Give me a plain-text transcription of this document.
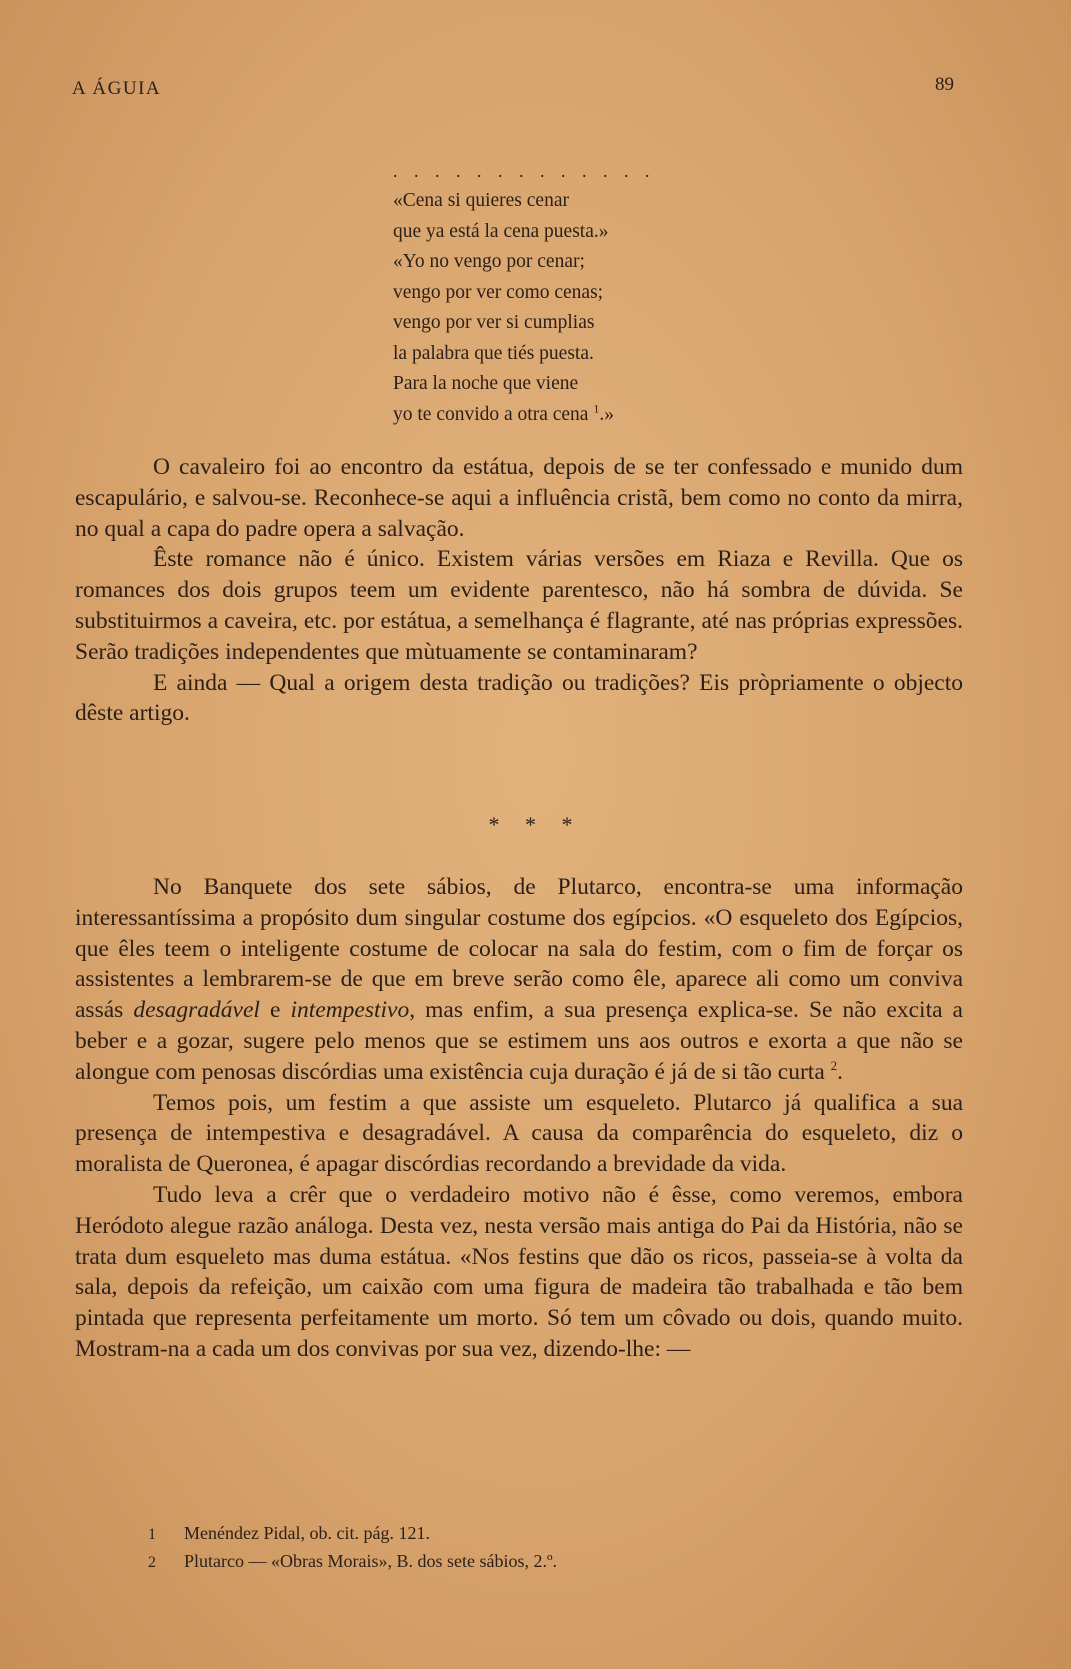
A ÁGUIA	89
. . . . . . . . . . . . .
«Cena si quieres cenar
que ya está la cena puesta.»
«Yo no vengo por cenar;
vengo por ver como cenas;
vengo por ver si cumplias
la palabra que tiés puesta.
Para la noche que viene
yo te convido a otra cena $^1$.»

O cavaleiro foi ao encontro da estátua, depois de se ter confessado e munido dum escapulário, e salvou-se. Reconhece-se aqui a influência cristã, bem como no conto da mirra, no qual a capa do padre opera a salvação.

Êste romance não é único. Existem várias versões em Riaza e Revilla. Que os romances dos dois grupos teem um evidente parentesco, não há sombra de dúvida. Se substituirmos a caveira, etc. por estátua, a semelhança é flagrante, até nas próprias expressões. Serão tradições independentes que mùtuamente se contaminaram?

E ainda — Qual a origem desta tradição ou tradições? Eis pròpriamente o objecto dêste artigo.

* * *

No Banquete dos sete sábios, de Plutarco, encontra-se uma informação interessantíssima a propósito dum singular costume dos egípcios. «O esqueleto dos Egípcios, que êles teem o inteligente costume de colocar na sala do festim, com o fim de forçar os assistentes a lembrarem-se de que em breve serão como êle, aparece ali como um conviva assás desagradável e intempestivo, mas enfim, a sua presença explica-se. Se não excita a beber e a gozar, sugere pelo menos que se estimem uns aos outros e exorta a que não se alongue com penosas discórdias uma existência cuja duração é já de si tão curta $^2$.

Temos pois, um festim a que assiste um esqueleto. Plutarco já qualifica a sua presença de intempestiva e desagradável. A causa da comparência do esqueleto, diz o moralista de Queronea, é apagar discórdias recordando a brevidade da vida.

Tudo leva a crêr que o verdadeiro motivo não é êsse, como veremos, embora Heródoto alegue razão análoga. Desta vez, nesta versão mais antiga do Pai da História, não se trata dum esqueleto mas duma estátua. «Nos festins que dão os ricos, passeia-se à volta da sala, depois da refeição, um caixão com uma figura de madeira tão trabalhada e tão bem pintada que representa perfeitamente um morto. Só tem um côvado ou dois, quando muito. Mostram-na a cada um dos convivas por sua vez, dizendo-lhe: —

1 Menéndez Pidal, ob. cit. pág. 121.
2 Plutarco — «Obras Morais», B. dos sete sábios, 2.º.
